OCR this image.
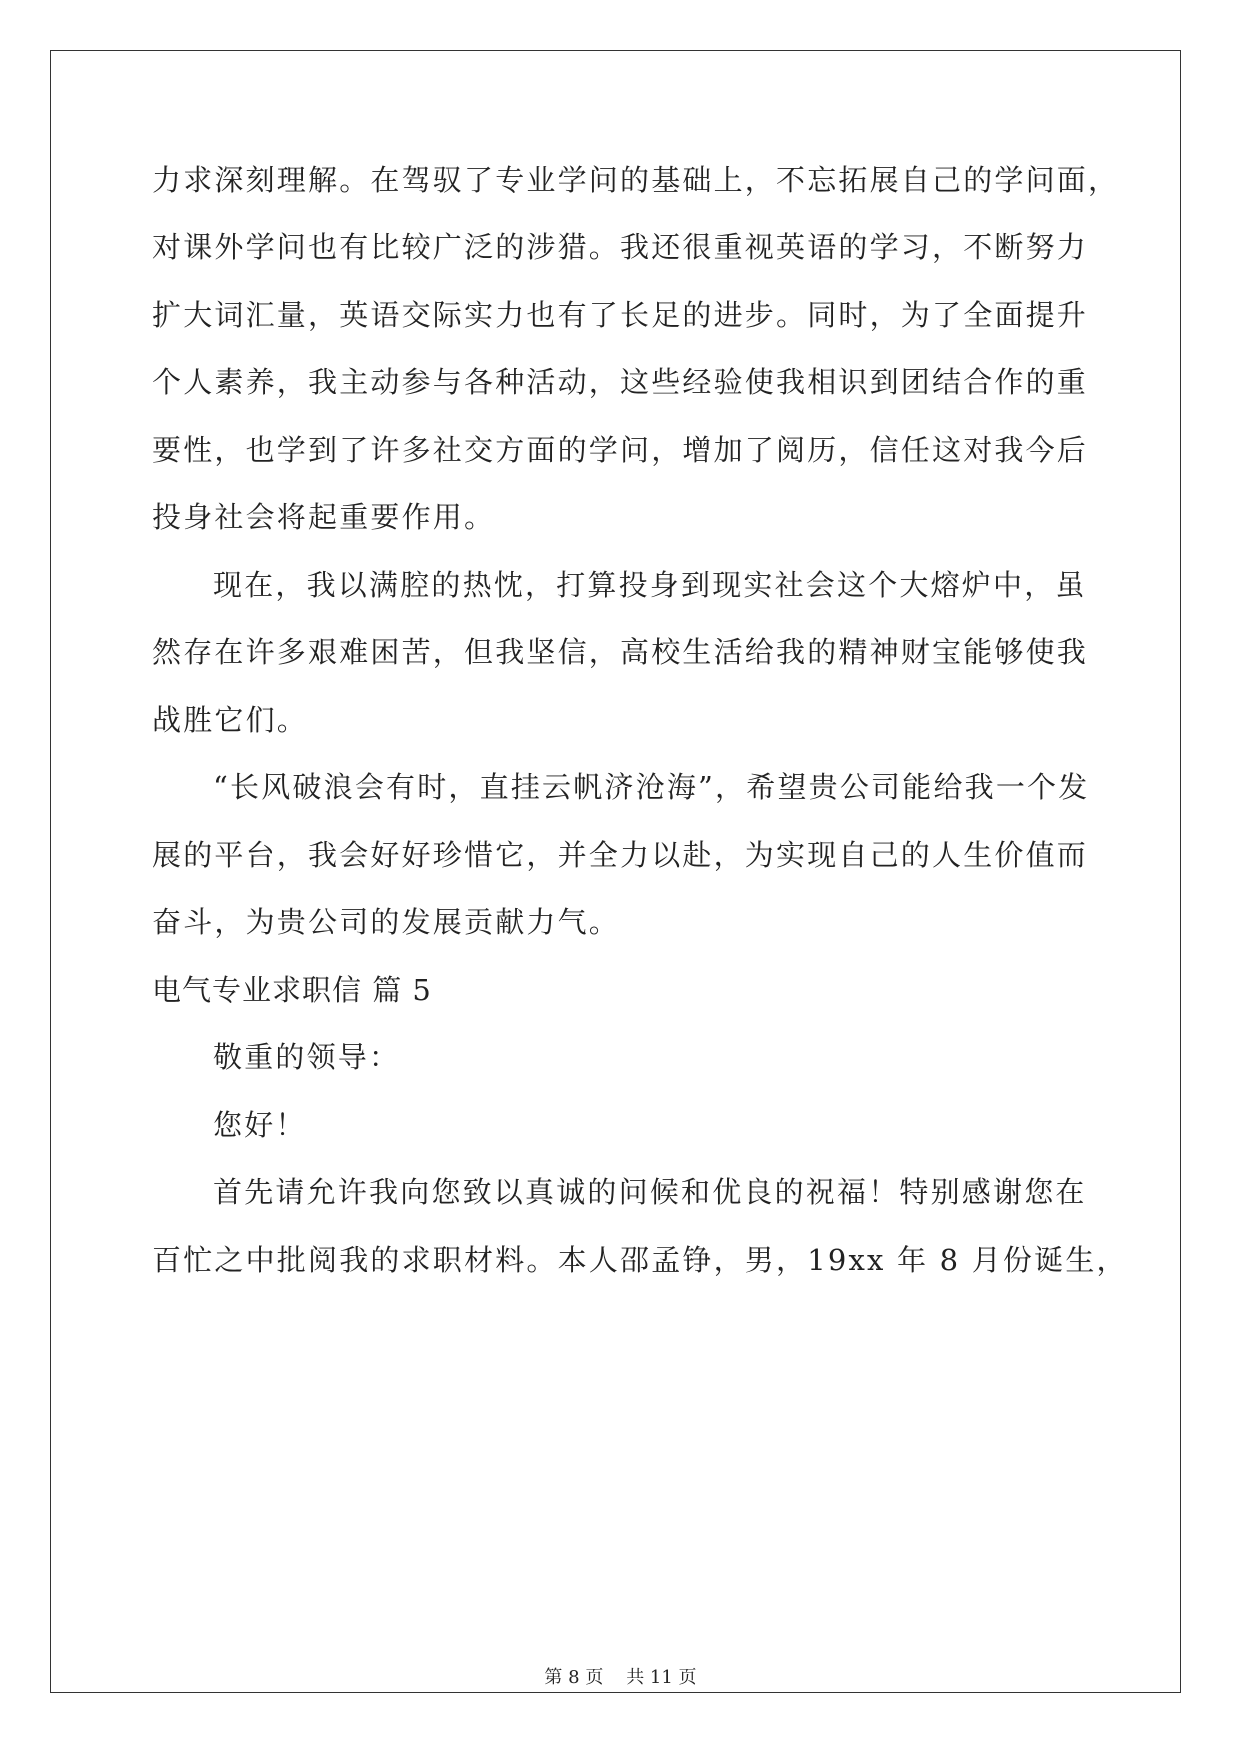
力求深刻理解。在驾驭了专业学问的基础上，不忘拓展自己的学问面，
对课外学问也有比较广泛的涉猎。我还很重视英语的学习，不断努力
扩大词汇量，英语交际实力也有了长足的进步。同时，为了全面提升
个人素养，我主动参与各种活动，这些经验使我相识到团结合作的重
要性，也学到了许多社交方面的学问，增加了阅历，信任这对我今后
投身社会将起重要作用。
现在，我以满腔的热忱，打算投身到现实社会这个大熔炉中，虽
然存在许多艰难困苦，但我坚信，高校生活给我的精神财宝能够使我
战胜它们。
“长风破浪会有时，直挂云帆济沧海”，希望贵公司能给我一个发
展的平台，我会好好珍惜它，并全力以赴，为实现自己的人生价值而
奋斗，为贵公司的发展贡献力气。
电气专业求职信 篇 5
敬重的领导：
您好！
首先请允许我向您致以真诚的问候和优良的祝福！特别感谢您在
百忙之中批阅我的求职材料。本人邵孟铮，男，19xx 年 8 月份诞生，
第 8 页    共 11 页
